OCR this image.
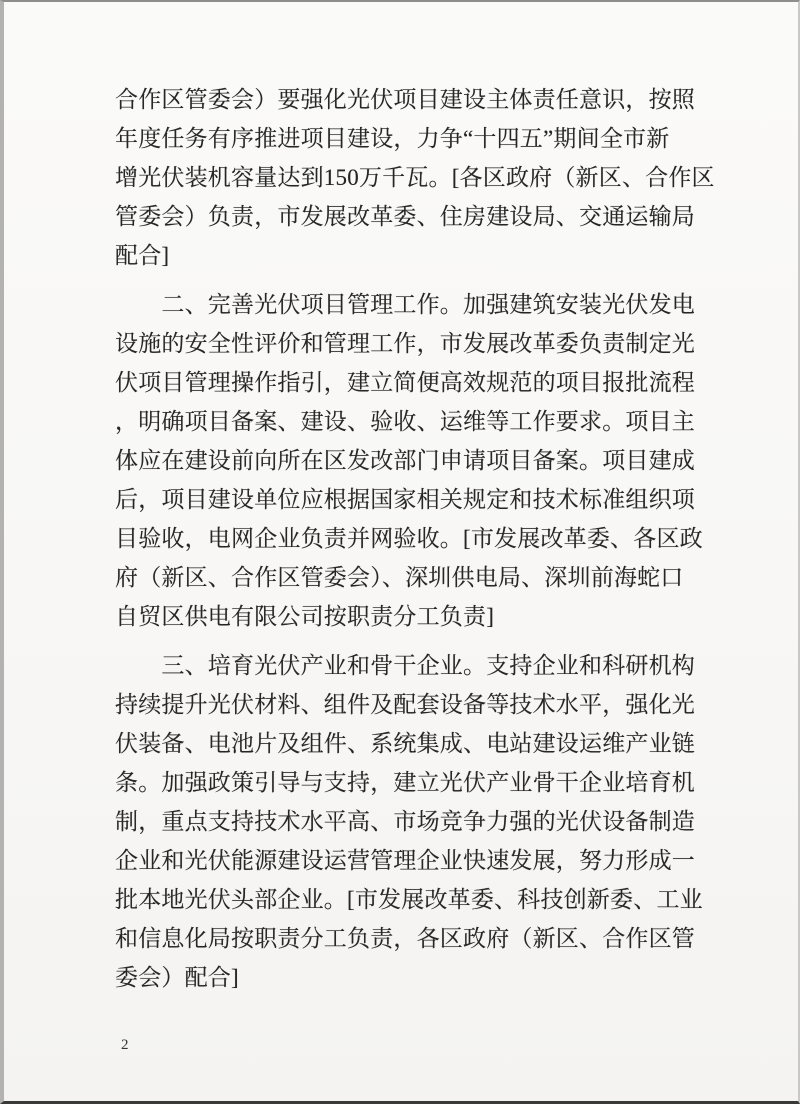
合作区管委会）要强化光伏项目建设主体责任意识，按照
年度任务有序推进项目建设，力争“十四五”期间全市新
增光伏装机容量达到150万千瓦。[各区政府（新区、合作区
管委会）负责，市发展改革委、住房建设局、交通运输局
配合]
　　二、完善光伏项目管理工作。加强建筑安装光伏发电
设施的安全性评价和管理工作，市发展改革委负责制定光
伏项目管理操作指引，建立简便高效规范的项目报批流程
，明确项目备案、建设、验收、运维等工作要求。项目主
体应在建设前向所在区发改部门申请项目备案。项目建成
后，项目建设单位应根据国家相关规定和技术标准组织项
目验收，电网企业负责并网验收。[市发展改革委、各区政
府（新区、合作区管委会）、深圳供电局、深圳前海蛇口
自贸区供电有限公司按职责分工负责]
　　三、培育光伏产业和骨干企业。支持企业和科研机构
持续提升光伏材料、组件及配套设备等技术水平，强化光
伏装备、电池片及组件、系统集成、电站建设运维产业链
条。加强政策引导与支持，建立光伏产业骨干企业培育机
制，重点支持技术水平高、市场竞争力强的光伏设备制造
企业和光伏能源建设运营管理企业快速发展，努力形成一
批本地光伏头部企业。[市发展改革委、科技创新委、工业
和信息化局按职责分工负责，各区政府（新区、合作区管
委会）配合]
2
